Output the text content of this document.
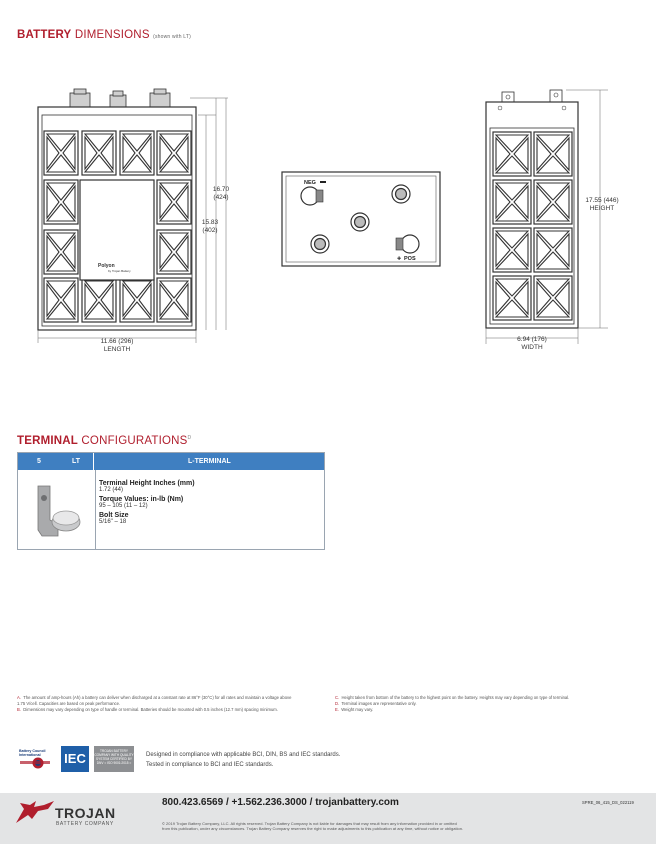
BATTERY DIMENSIONS (shown with LT)
Polyon
by Trojan Battery
16.70
(424)
15.83
(402)
11.66 (296)
LENGTH
NEG
✚ POS
17.55 (446)
HEIGHT
6.94 (176)
WIDTH
TERMINAL $CONFIGURATIONS^D$
5	LT	L-TERMINAL
Terminal Height Inches (mm)
1.72 (44)
Torque Values: in-lb (Nm)
95 – 105 (11 – 12)
Bolt Size
5/16" – 18
A. The amount of amp-hours (Ah) a battery can deliver when discharged at a constant rate at 86°F (30°C) for all rates and maintain a voltage above 1.75 V/cell. Capacities are based on peak performance.
B. Dimensions may vary depending on type of handle or terminal. Batteries should be mounted with 0.5 inches (12.7 mm) spacing minimum.
C. Height taken from bottom of the battery to the highest point on the battery. Heights may vary depending on type of terminal.
D. Terminal images are representative only.
E. Weight may vary.
Battery Council
International IEC	TROJAN BATTERY COMPANY WITH QUALITY SYSTEM CERTIFIED BY DNV = ISO 9001:2015 =
Designed in compliance with applicable BCI, DIN, BS and IEC standards.
Tested in compliance to BCI and IEC standards.
TROJAN
BATTERY COMPANY
800.423.6569 / +1.562.236.3000 / trojanbattery.com	SPRE_06_415_DS_022119
© 2019 Trojan Battery Company, LLC. All rights reserved. Trojan Battery Company is not liable for damages that may result from any information provided in or omitted
from this publication, under any circumstances. Trojan Battery Company reserves the right to make adjustments to this publication at any time, without notice or obligation.
